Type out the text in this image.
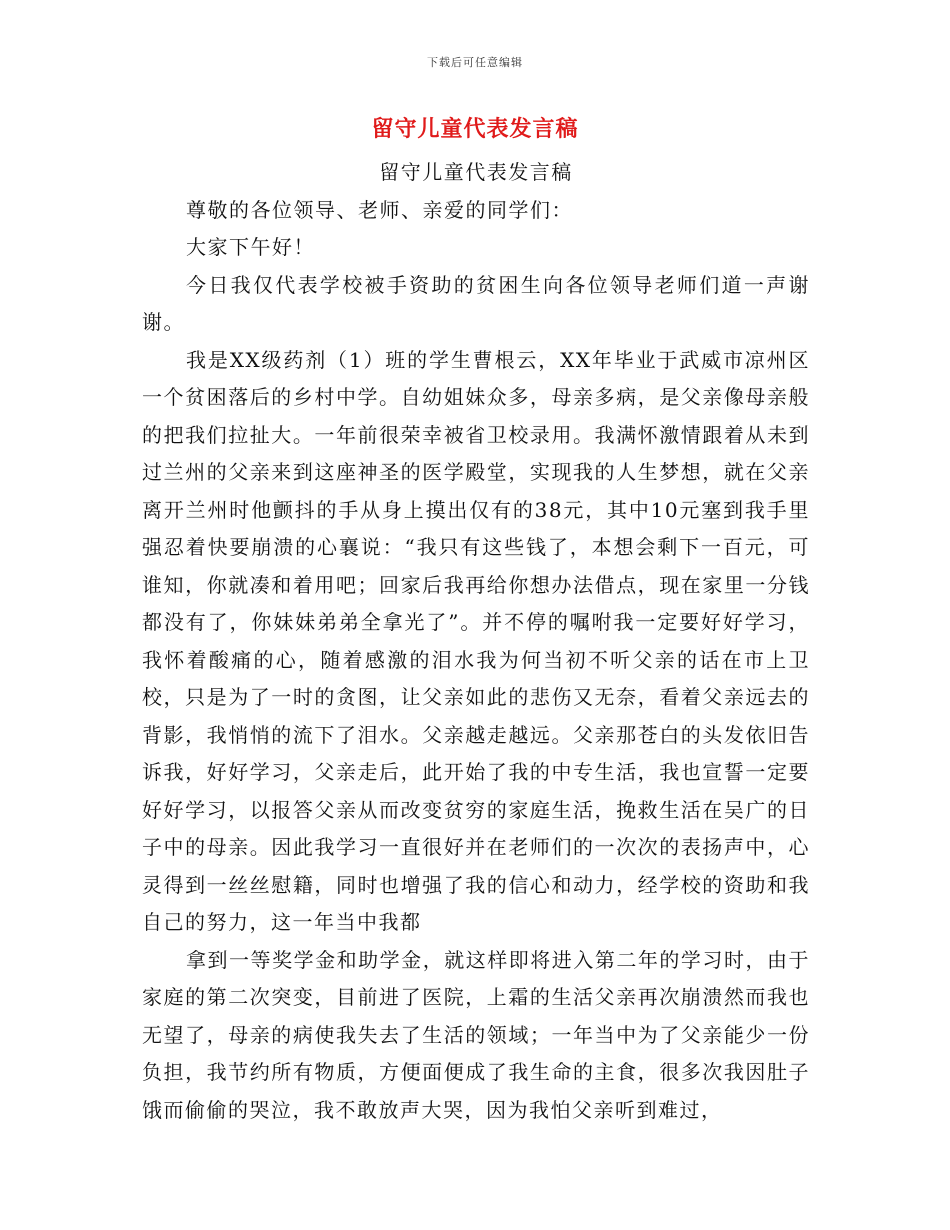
下载后可任意编辑
留守儿童代表发言稿

留守儿童代表发言稿

尊敬的各位领导、老师、亲爱的同学们：

大家下午好！

今日我仅代表学校被手资助的贫困生向各位领导老师们道一声谢谢。

我是XX级药剂（1）班的学生曹根云，XX年毕业于武威市凉州区一个贫困落后的乡村中学。自幼姐妹众多，母亲多病，是父亲像母亲般的把我们拉扯大。一年前很荣幸被省卫校录用。我满怀激情跟着从未到过兰州的父亲来到这座神圣的医学殿堂，实现我的人生梦想，就在父亲离开兰州时他颤抖的手从身上摸出仅有的38元，其中10元塞到我手里强忍着快要崩溃的心襄说：“我只有这些钱了，本想会剩下一百元，可谁知，你就凑和着用吧；回家后我再给你想办法借点，现在家里一分钱都没有了，你妹妹弟弟全拿光了”。并不停的嘱咐我一定要好好学习，我怀着酸痛的心，随着感激的泪水我为何当初不听父亲的话在市上卫校，只是为了一时的贪图，让父亲如此的悲伤又无奈，看着父亲远去的背影，我悄悄的流下了泪水。父亲越走越远。父亲那苍白的头发依旧告诉我，好好学习，父亲走后，此开始了我的中专生活，我也宣誓一定要好好学习，以报答父亲从而改变贫穷的家庭生活，挽救生活在吴广的日子中的母亲。因此我学习一直很好并在老师们的一次次的表扬声中，心灵得到一丝丝慰籍，同时也增强了我的信心和动力，经学校的资助和我自己的努力，这一年当中我都

拿到一等奖学金和助学金，就这样即将进入第二年的学习时，由于家庭的第二次突变，目前进了医院，上霜的生活父亲再次崩溃然而我也无望了，母亲的病使我失去了生活的领域；一年当中为了父亲能少一份负担，我节约所有物质，方便面便成了我生命的主食，很多次我因肚子饿而偷偷的哭泣，我不敢放声大哭，因为我怕父亲听到难过，
